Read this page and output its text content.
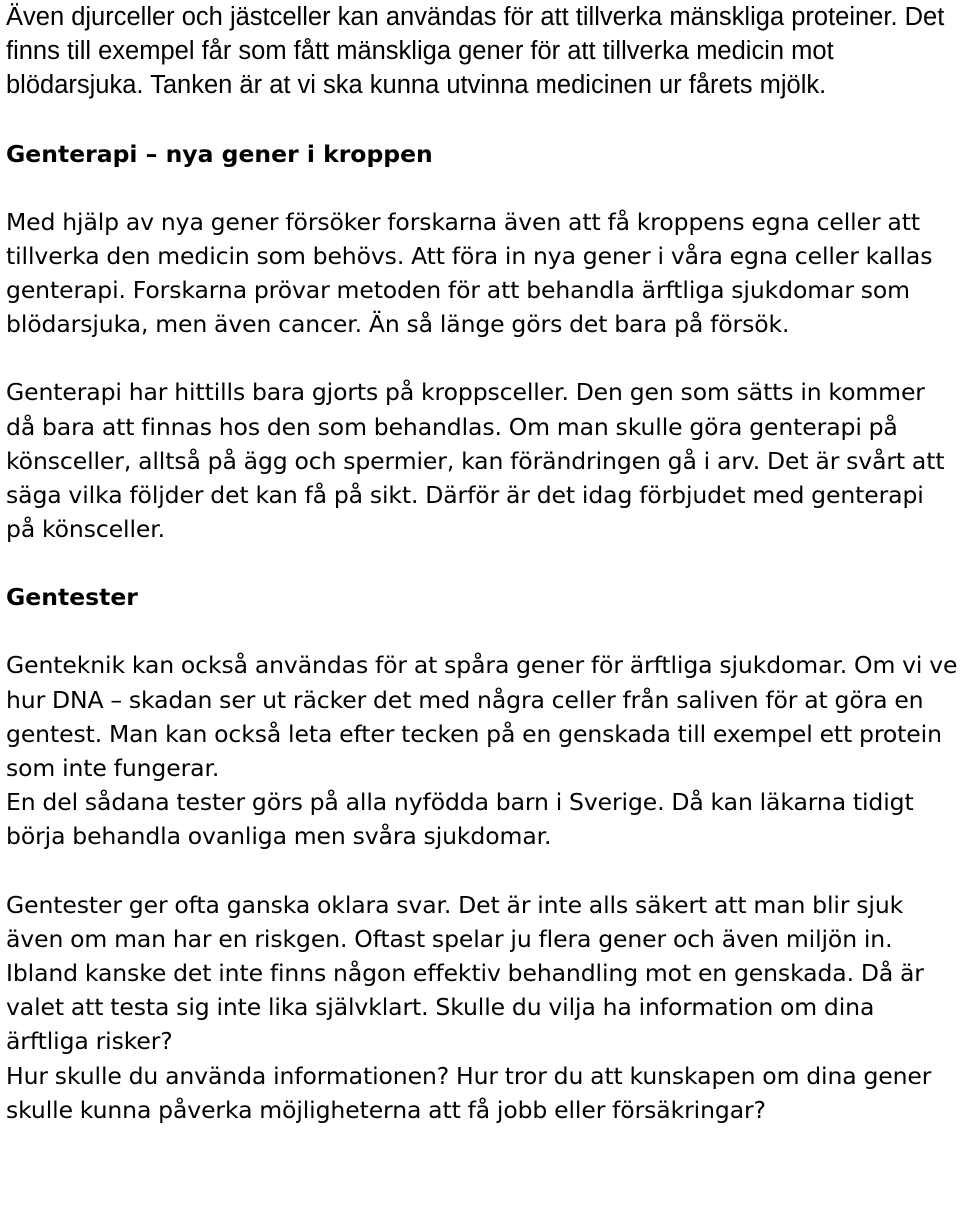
Även djurceller och jästceller kan användas för att tillverka mänskliga proteiner. Det finns till exempel får som fått mänskliga gener för att tillverka medicin mot blödarsjuka. Tanken är at vi ska kunna utvinna medicinen ur fårets mjölk.

Genterapi – nya gener i kroppen

Med hjälp av nya gener försöker forskarna även att få kroppens egna celler att tillverka den medicin som behövs. Att föra in nya gener i våra egna celler kallas genterapi. Forskarna prövar metoden för att behandla ärftliga sjukdomar som blödarsjuka, men även cancer. Än så länge görs det bara på försök.

Genterapi har hittills bara gjorts på kroppsceller. Den gen som sätts in kommer då bara att finnas hos den som behandlas. Om man skulle göra genterapi på könsceller, alltså på ägg och spermier, kan förändringen gå i arv. Det är svårt att säga vilka följder det kan få på sikt. Därför är det idag förbjudet med genterapi på könsceller.

Gentester

Genteknik kan också användas för at spåra gener för ärftliga sjukdomar. Om vi ve hur DNA – skadan ser ut räcker det med några celler från saliven för at göra en gentest. Man kan också leta efter tecken på en genskada till exempel ett protein som inte fungerar.

En del sådana tester görs på alla nyfödda barn i Sverige. Då kan läkarna tidigt börja behandla ovanliga men svåra sjukdomar.

Gentester ger ofta ganska oklara svar. Det är inte alls säkert att man blir sjuk även om man har en riskgen. Oftast spelar ju flera gener och även miljön in. Ibland kanske det inte finns någon effektiv behandling mot en genskada. Då är valet att testa sig inte lika självklart. Skulle du vilja ha information om dina ärftliga risker?

Hur skulle du använda informationen? Hur tror du att kunskapen om dina gener skulle kunna påverka möjligheterna att få jobb eller försäkringar?
